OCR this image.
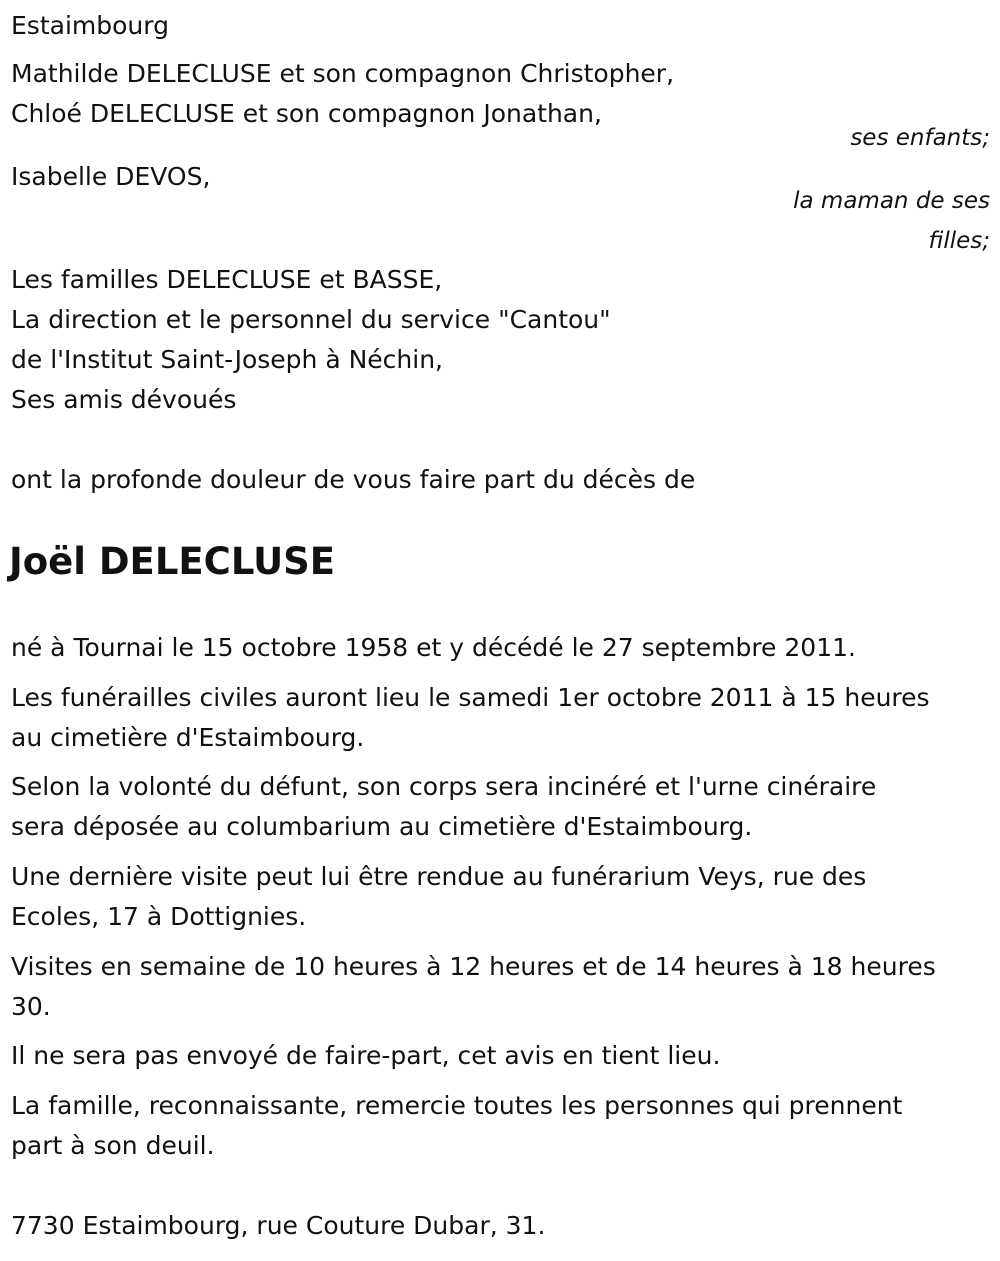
Estaimbourg
Mathilde DELECLUSE et son compagnon Christopher,
Chloé DELECLUSE et son compagnon Jonathan,
ses enfants;
Isabelle DEVOS,
la maman de ses
filles;
Les familles DELECLUSE et BASSE,
La direction et le personnel du service "Cantou"
de l'Institut Saint-Joseph à Néchin,
Ses amis dévoués
ont la profonde douleur de vous faire part du décès de
Joël DELECLUSE
né à Tournai le 15 octobre 1958 et y décédé le 27 septembre 2011.
Les funérailles civiles auront lieu le samedi 1er octobre 2011 à 15 heures
au cimetière d'Estaimbourg.
Selon la volonté du défunt, son corps sera incinéré et l'urne cinéraire
sera déposée au columbarium au cimetière d'Estaimbourg.
Une dernière visite peut lui être rendue au funérarium Veys, rue des
Ecoles, 17 à Dottignies.
Visites en semaine de 10 heures à 12 heures et de 14 heures à 18 heures
30.
Il ne sera pas envoyé de faire-part, cet avis en tient lieu.
La famille, reconnaissante, remercie toutes les personnes qui prennent
part à son deuil.
7730 Estaimbourg, rue Couture Dubar, 31.
